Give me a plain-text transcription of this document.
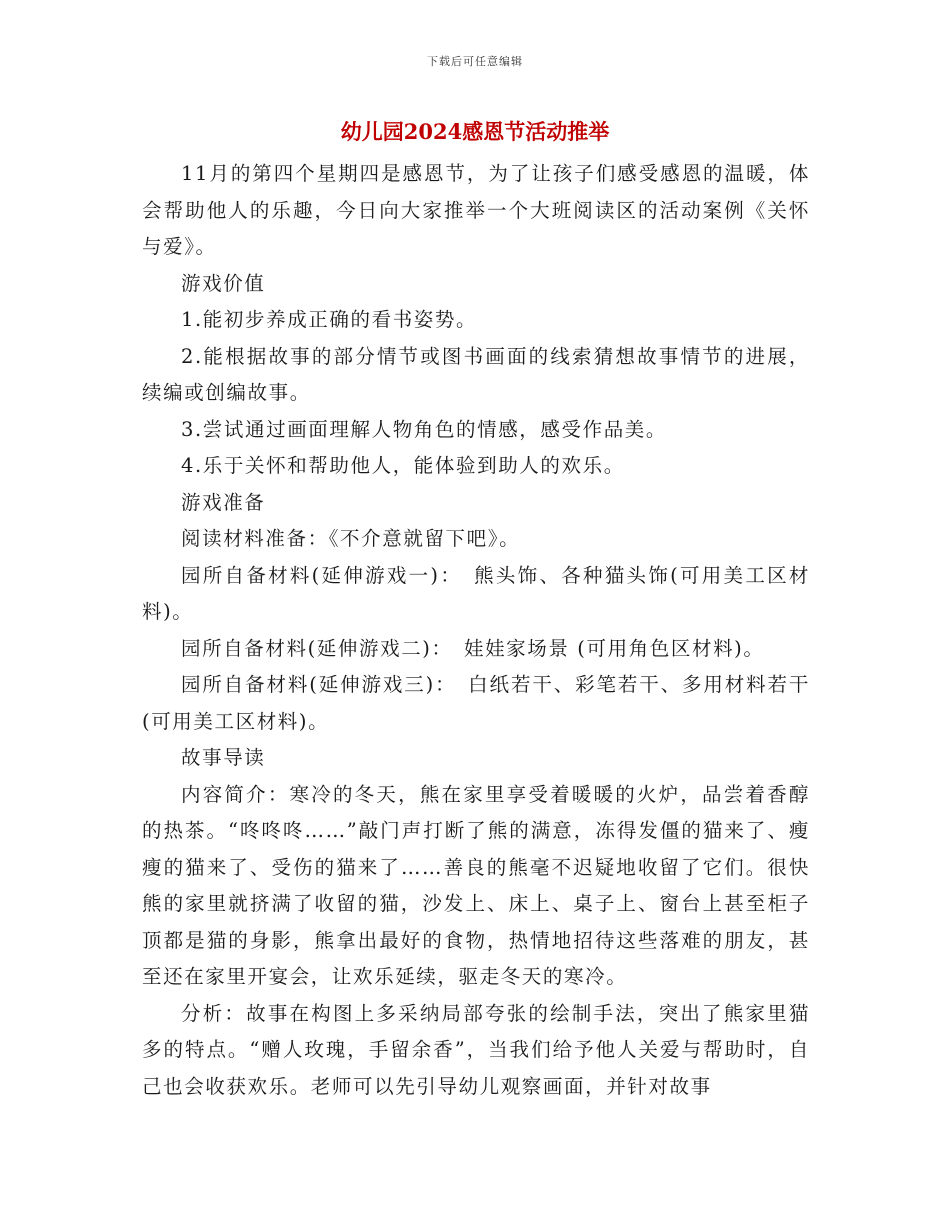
下载后可任意编辑
幼儿园2024感恩节活动推举

11月的第四个星期四是感恩节，为了让孩子们感受感恩的温暖，体会帮助他人的乐趣，今日向大家推举一个大班阅读区的活动案例《关怀与爱》。

游戏价值

1.能初步养成正确的看书姿势。

2.能根据故事的部分情节或图书画面的线索猜想故事情节的进展，续编或创编故事。

3.尝试通过画面理解人物角色的情感，感受作品美。

4.乐于关怀和帮助他人，能体验到助人的欢乐。

游戏准备

阅读材料准备：《不介意就留下吧》。

园所自备材料(延伸游戏一)：　熊头饰、各种猫头饰(可用美工区材料)。

园所自备材料(延伸游戏二)：　娃娃家场景 (可用角色区材料)。

园所自备材料(延伸游戏三)：　白纸若干、彩笔若干、多用材料若干(可用美工区材料)。

故事导读

内容简介：寒冷的冬天，熊在家里享受着暖暖的火炉，品尝着香醇的热茶。“咚咚咚……”敲门声打断了熊的满意，冻得发僵的猫来了、瘦瘦的猫来了、受伤的猫来了……善良的熊毫不迟疑地收留了它们。很快熊的家里就挤满了收留的猫，沙发上、床上、桌子上、窗台上甚至柜子顶都是猫的身影，熊拿出最好的食物，热情地招待这些落难的朋友，甚至还在家里开宴会，让欢乐延续，驱走冬天的寒冷。

分析：故事在构图上多采纳局部夸张的绘制手法，突出了熊家里猫多的特点。“赠人玫瑰，手留余香”，当我们给予他人关爱与帮助时，自己也会收获欢乐。老师可以先引导幼儿观察画面，并针对故事
